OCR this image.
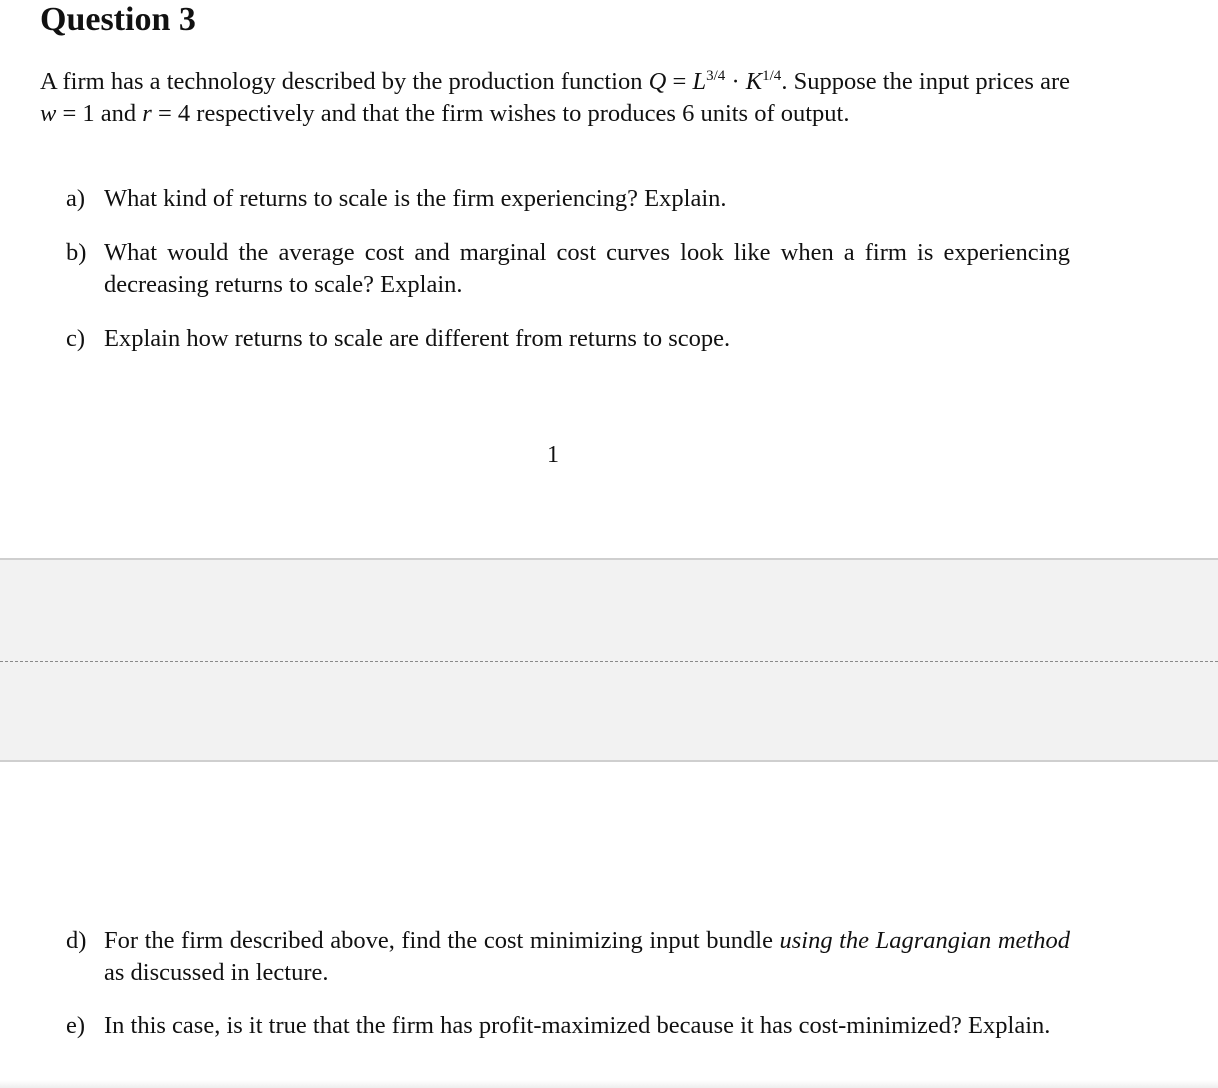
Question 3
A firm has a technology described by the production function $Q = L^{3/4} \cdot K^{1/4}$. Suppose the input prices are w = 1 and r = 4 respectively and that the firm wishes to produces 6 units of output.
a) What kind of returns to scale is the firm experiencing? Explain.
b) What would the average cost and marginal cost curves look like when a firm is experiencing decreasing returns to scale? Explain.
c) Explain how returns to scale are different from returns to scope.
1
d) For the firm described above, find the cost minimizing input bundle using the Lagrangian method as discussed in lecture.
e) In this case, is it true that the firm has profit-maximized because it has cost-minimized? Explain.
